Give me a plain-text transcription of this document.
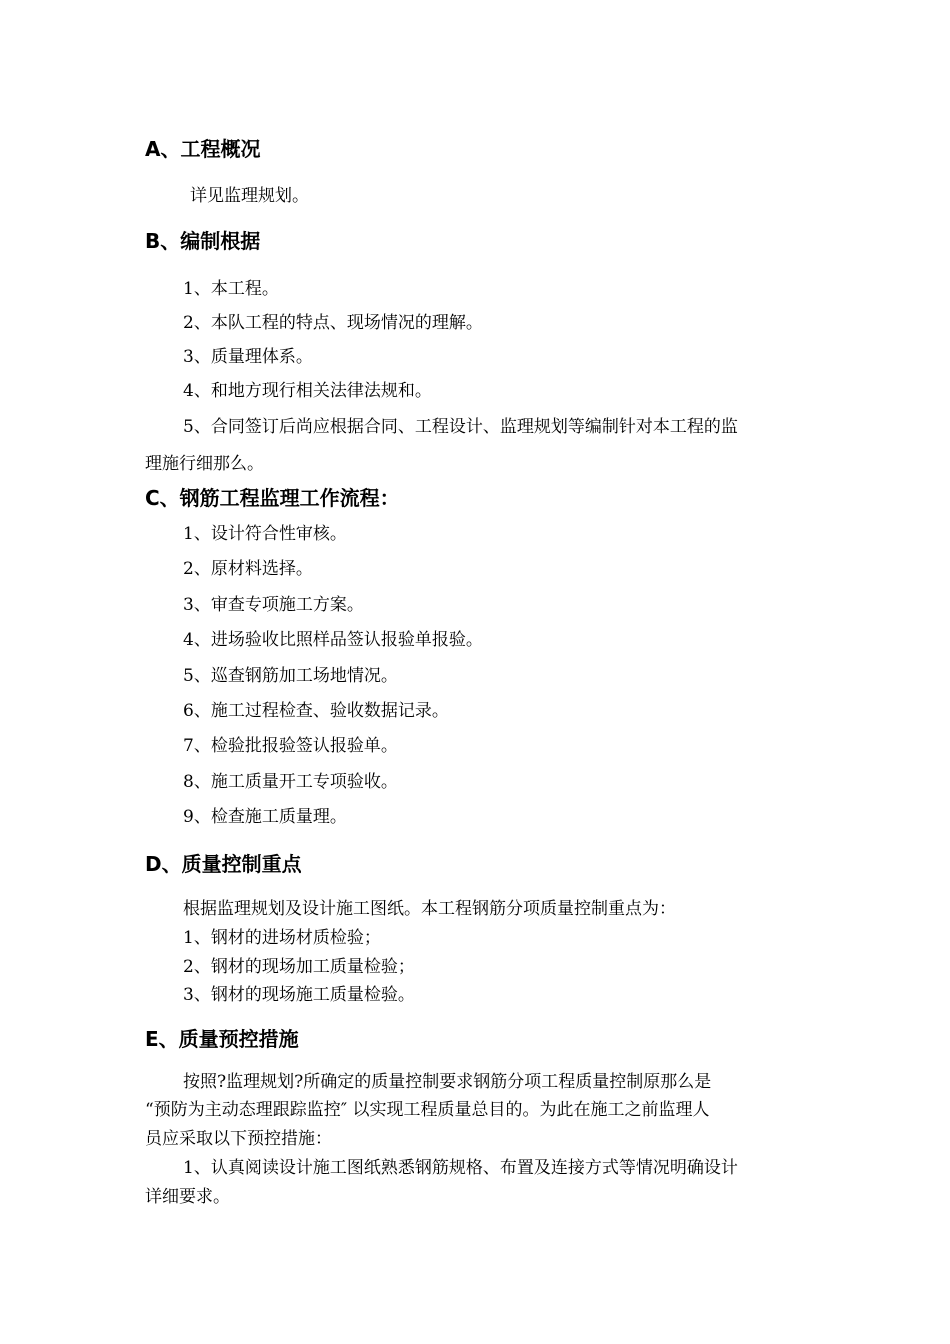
A、工程概况
详见监理规划。
B、编制根据
1、本工程。
2、本队工程的特点、现场情况的理解。
3、质量理体系。
4、和地方现行相关法律法规和。
5、合同签订后尚应根据合同、工程设计、监理规划等编制针对本工程的监
理施行细那么。
C、钢筋工程监理工作流程：
1、设计符合性审核。
2、原材料选择。
3、审查专项施工方案。
4、进场验收比照样品签认报验单报验。
5、巡查钢筋加工场地情况。
6、施工过程检查、验收数据记录。
7、检验批报验签认报验单。
8、施工质量开工专项验收。
9、检查施工质量理。
D、质量控制重点
根据监理规划及设计施工图纸。本工程钢筋分项质量控制重点为：
1、钢材的进场材质检验；
2、钢材的现场加工质量检验；
3、钢材的现场施工质量检验。
E、质量预控措施
按照?监理规划?所确定的质量控制要求钢筋分项工程质量控制原那么是
“预防为主动态理跟踪监控″ 以实现工程质量总目的。为此在施工之前监理人
员应采取以下预控措施：
1、认真阅读设计施工图纸熟悉钢筋规格、布置及连接方式等情况明确设计
详细要求。
